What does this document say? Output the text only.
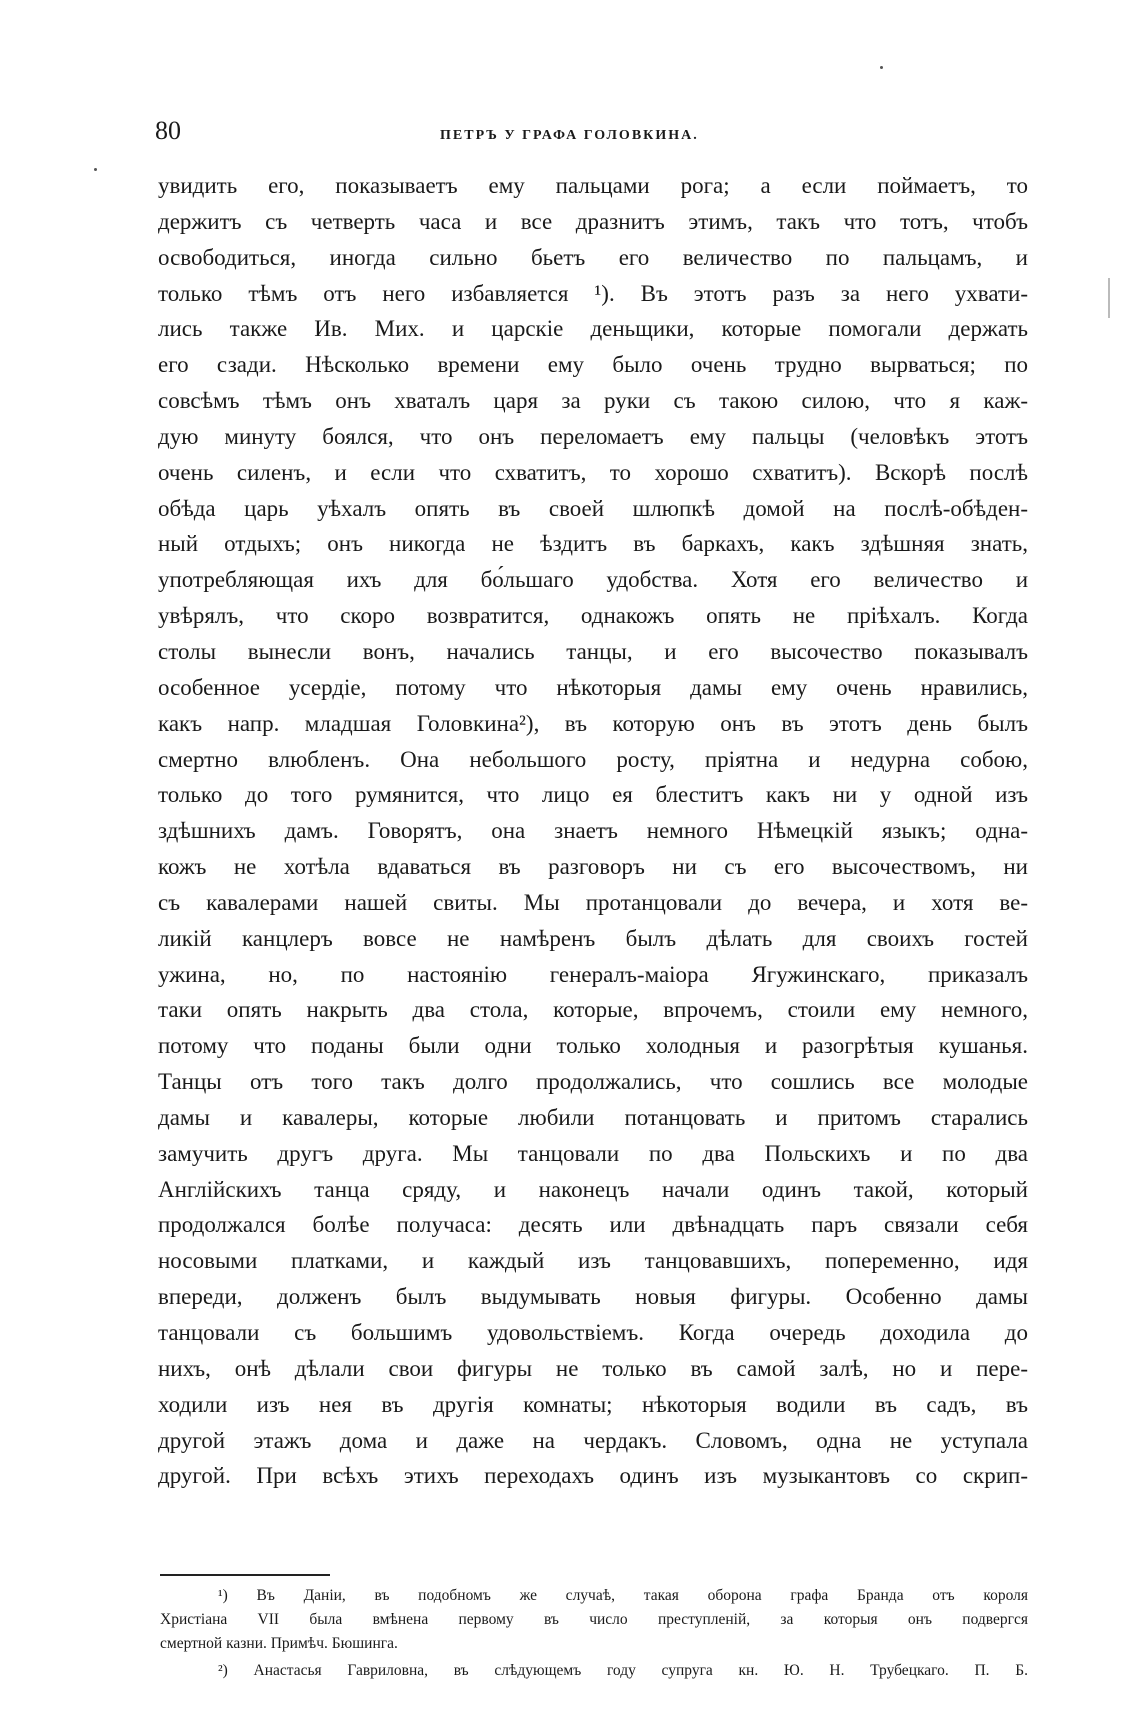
80	ПЕТРЪ У ГРАФА ГОЛОВКИНА.
увидить его, показываетъ ему пальцами рога; а если поймаетъ, то
держитъ съ четверть часа и все дразнитъ этимъ, такъ что тотъ, чтобъ
освободиться, иногда сильно бьетъ его величество по пальцамъ, и
только тѣмъ отъ него избавляется ¹). Въ этотъ разъ за него ухвати-
лись также Ив. Мих. и царскіе деньщики, которые помогали держать
его сзади. Нѣсколько времени ему было очень трудно вырваться; по
совсѣмъ тѣмъ онъ хваталъ царя за руки съ такою силою, что я каж-
дую минуту боялся, что онъ переломаетъ ему пальцы (человѣкъ этотъ
очень силенъ, и если что схватитъ, то хорошо схватитъ). Вскорѣ послѣ
обѣда царь уѣхалъ опять въ своей шлюпкѣ домой на послѣ-обѣден-
ный отдыхъ; онъ никогда не ѣздитъ въ баркахъ, какъ здѣшняя знать,
употребляющая ихъ для бо́льшаго удобства. Хотя его величество и
увѣрялъ, что скоро возвратится, однакожъ опять не пріѣхалъ. Когда
столы вынесли вонъ, начались танцы, и его высочество показывалъ
особенное усердіе, потому что нѣкоторыя дамы ему очень нравились,
какъ напр. младшая Головкина²), въ которую онъ въ этотъ день былъ
смертно влюбленъ. Она небольшого росту, пріятна и недурна собою,
только до того румянится, что лицо ея блеститъ какъ ни у одной изъ
здѣшнихъ дамъ. Говорятъ, она знаетъ немного Нѣмецкій языкъ; одна-
кожъ не хотѣла вдаваться въ разговоръ ни съ его высочествомъ, ни
съ кавалерами нашей свиты. Мы протанцовали до вечера, и хотя ве-
ликій канцлеръ вовсе не намѣренъ былъ дѣлать для своихъ гостей
ужина, но, по настоянію генералъ-маіора Ягужинскаго, приказалъ
таки опять накрыть два стола, которые, впрочемъ, стоили ему немного,
потому что поданы были одни только холодныя и разогрѣтыя кушанья.
Танцы отъ того такъ долго продолжались, что сошлись все молодые
дамы и кавалеры, которые любили потанцовать и притомъ старались
замучить другъ друга. Мы танцовали по два Польскихъ и по два
Англійскихъ танца сряду, и наконецъ начали одинъ такой, который
продолжался болѣе получаса: десять или двѣнадцать паръ связали себя
носовыми платками, и каждый изъ танцовавшихъ, попеременно, идя
впереди, долженъ былъ выдумывать новыя фигуры. Особенно дамы
танцовали съ большимъ удовольствіемъ. Когда очередь доходила до
нихъ, онѣ дѣлали свои фигуры не только въ самой залѣ, но и пере-
ходили изъ нея въ другія комнаты; нѣкоторыя водили въ садъ, въ
другой этажъ дома и даже на чердакъ. Словомъ, одна не уступала
другой. При всѣхъ этихъ переходахъ одинъ изъ музыкантовъ со скрип-
¹) Въ Даніи, въ подобномъ же случаѣ, такая оборона графа Бранда отъ короля
Христіана VII была вмѣнена первому въ число преступленій, за которыя онъ подвергся
смертной казни. Примѣч. Бюшинга.
²) Анастасья Гавриловна, въ слѣдующемъ году супруга кн. Ю. Н. Трубецкаго. П. Б.
